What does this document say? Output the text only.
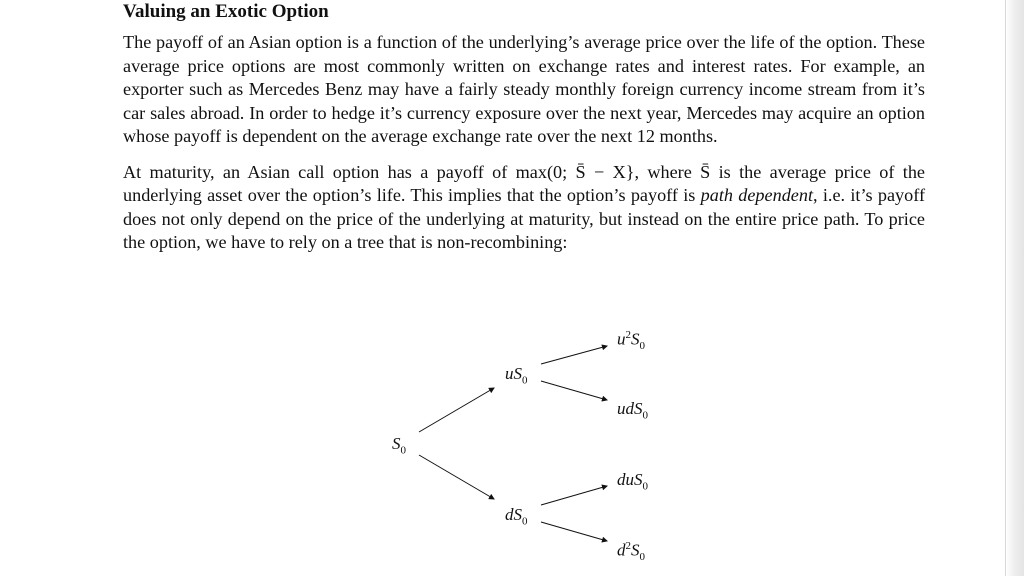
Valuing an Exotic Option

The payoff of an Asian option is a function of the underlying’s average price over the life of the option. These average price options are most commonly written on exchange rates and interest rates. For example, an exporter such as Mercedes Benz may have a fairly steady monthly foreign currency income stream from it’s car sales abroad. In order to hedge it’s currency exposure over the next year, Mercedes may acquire an option whose payoff is dependent on the average exchange rate over the next 12 months.

At maturity, an Asian call option has a payoff of max(0; S̄ − X}, where S̄ is the average price of the underlying asset over the option’s life. This implies that the option’s payoff is path dependent, i.e. it’s payoff does not only depend on the price of the underlying at maturity, but instead on the entire price path. To price the option, we have to rely on a tree that is non-recombining:

$S_0$
$uS_0$
$dS_0$
$u^2S_0$
udS$_0$
duS$_0$
$d^2S_0$
